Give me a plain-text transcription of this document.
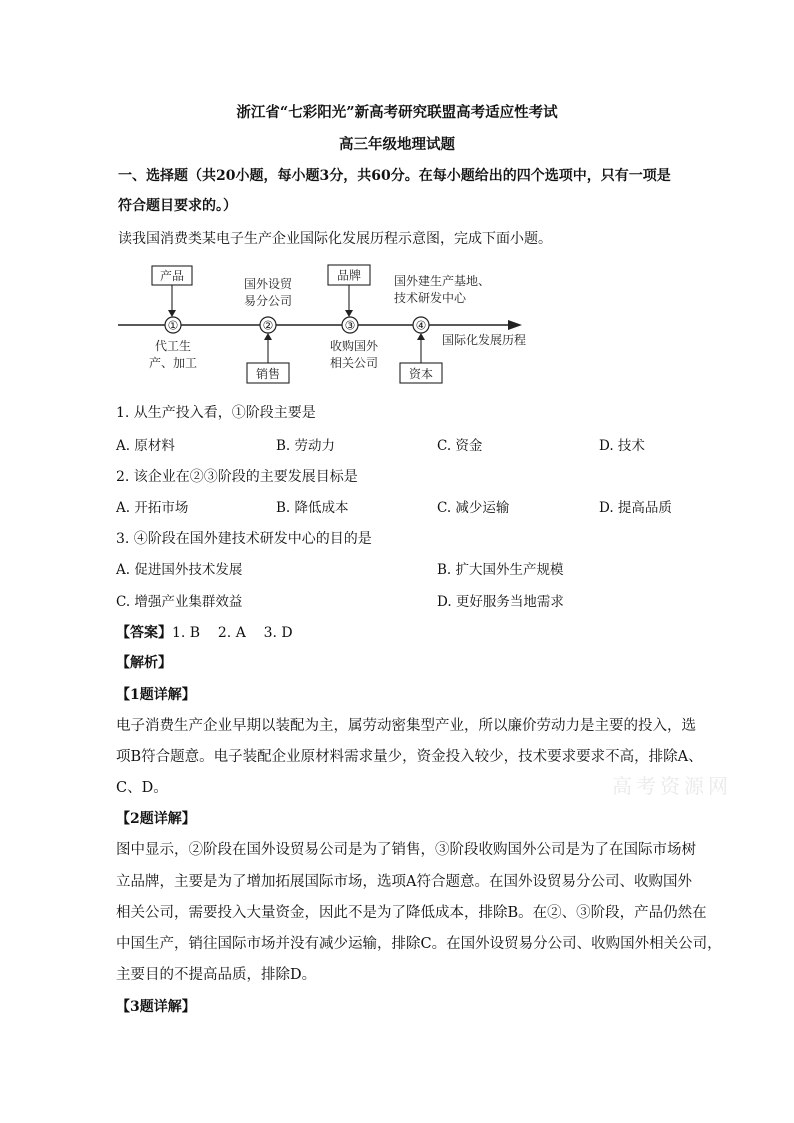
浙江省“七彩阳光”新高考研究联盟高考适应性考试
高三年级地理试题
一、选择题（共20小题，每小题3分，共60分。在每小题给出的四个选项中，只有一项是
符合题目要求的。）
读我国消费类某电子生产企业国际化发展历程示意图，完成下面小题。
①	②	③	④
产品
销售
品牌
资本
代工生
产、加工
国外设贸
易分公司
收购国外
相关公司
国外建生产基地、
技术研发中心
国际化发展历程
1. 从生产投入看，①阶段主要是
A. 原材料	B. 劳动力	C. 资金	D. 技术
2. 该企业在②③阶段的主要发展目标是
A. 开拓市场	B. 降低成本	C. 减少运输	D. 提高品质
3. ④阶段在国外建技术研发中心的目的是
A. 促进国外技术发展	B. 扩大国外生产规模
C. 增强产业集群效益	D. 更好服务当地需求
【答案】1. B    2. A    3. D
【解析】
【1题详解】
电子消费生产企业早期以装配为主，属劳动密集型产业，所以廉价劳动力是主要的投入，选
项B符合题意。电子装配企业原材料需求量少，资金投入较少，技术要求要求不高，排除A、
C、D。
【2题详解】
图中显示，②阶段在国外设贸易公司是为了销售，③阶段收购国外公司是为了在国际市场树
立品牌，主要是为了增加拓展国际市场，选项A符合题意。在国外设贸易分公司、收购国外
相关公司，需要投入大量资金，因此不是为了降低成本，排除B。在②、③阶段，产品仍然在
中国生产，销往国际市场并没有减少运输，排除C。在国外设贸易分公司、收购国外相关公司，
主要目的不提高品质，排除D。
【3题详解】
高考资源网
